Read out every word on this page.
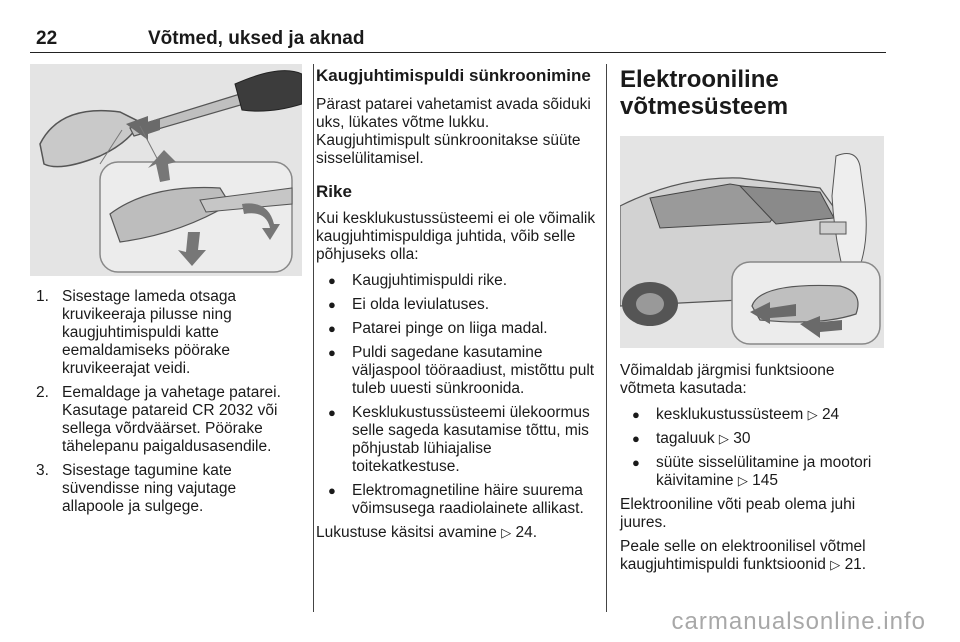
22	Võtmed, uksed ja aknad
1. Sisestage lameda otsaga kruvikeeraja pilusse ning kaugjuhtimispuldi katte eemaldamiseks pöörake kruvikeerajat veidi.
2. Eemaldage ja vahetage patarei. Kasutage patareid CR 2032 või sellega võrdväärset. Pöörake tähelepanu paigaldusasendile.
3. Sisestage tagumine kate süvendisse ning vajutage allapoole ja sulgege.

Kaugjuhtimispuldi sünkroonimine

Pärast patarei vahetamist avada sõiduki uks, lükates võtme lukku. Kaugjuhtimispult sünkroonitakse süüte sisselülitamisel.

Rike

Kui kesklukustussüsteemi ei ole võimalik kaugjuhtimispuldiga juhtida, võib selle põhjuseks olla:

● Kaugjuhtimispuldi rike.
● Ei olda leviulatuses.
● Patarei pinge on liiga madal.
● Puldi sagedane kasutamine väljaspool tööraadiust, mistõttu pult tuleb uuesti sünkroonida.
● Kesklukustussüsteemi ülekoormus selle sageda kasutamise tõttu, mis põhjustab lühiajalise toitekatkestuse.
● Elektromagnetiline häire suurema võimsusega raadiolainete allikast.

Lukustuse käsitsi avamine ▷ 24.

Elektrooniline
võtmesüsteem

Võimaldab järgmisi funktsioone võtmeta kasutada:

● kesklukustussüsteem ▷ 24
● tagaluuk ▷ 30
● süüte sisselülitamine ja mootori käivitamine ▷ 145

Elektrooniline võti peab olema juhi juures.

Peale selle on elektroonilisel võtmel kaugjuhtimispuldi funktsioonid ▷ 21.

carmanualsonline.info
